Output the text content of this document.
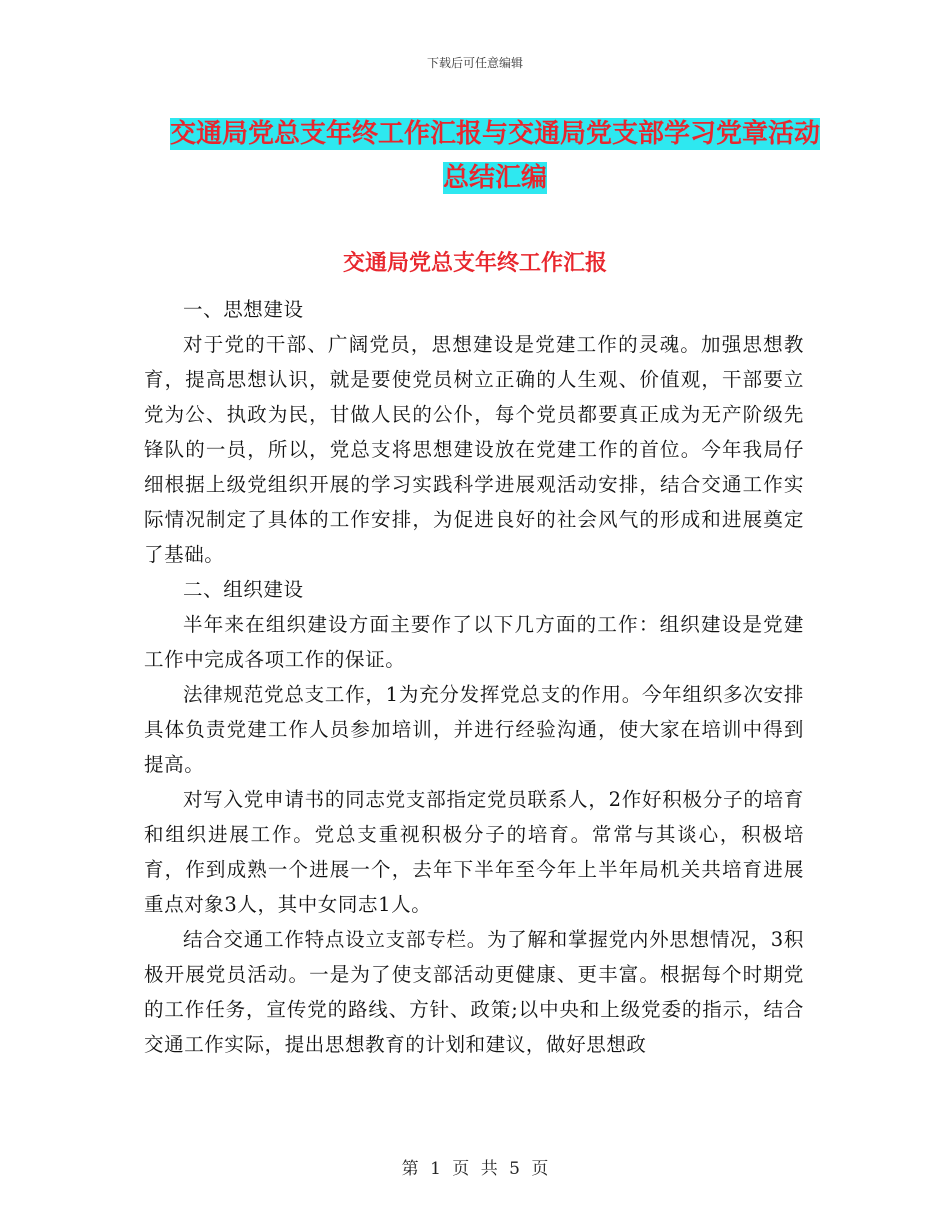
下载后可任意编辑
交通局党总支年终工作汇报与交通局党支部学习党章活动总结汇编
交通局党总支年终工作汇报

一、思想建设

对于党的干部、广阔党员，思想建设是党建工作的灵魂。加强思想教育，提高思想认识，就是要使党员树立正确的人生观、价值观，干部要立党为公、执政为民，甘做人民的公仆，每个党员都要真正成为无产阶级先锋队的一员，所以，党总支将思想建设放在党建工作的首位。今年我局仔细根据上级党组织开展的学习实践科学进展观活动安排，结合交通工作实际情况制定了具体的工作安排，为促进良好的社会风气的形成和进展奠定了基础。

二、组织建设

半年来在组织建设方面主要作了以下几方面的工作：组织建设是党建工作中完成各项工作的保证。

法律规范党总支工作，1为充分发挥党总支的作用。今年组织多次安排具体负责党建工作人员参加培训，并进行经验沟通，使大家在培训中得到提高。

对写入党申请书的同志党支部指定党员联系人，2作好积极分子的培育和组织进展工作。党总支重视积极分子的培育。常常与其谈心，积极培育，作到成熟一个进展一个，去年下半年至今年上半年局机关共培育进展重点对象3人，其中女同志1人。

结合交通工作特点设立支部专栏。为了解和掌握党内外思想情况，3积极开展党员活动。一是为了使支部活动更健康、更丰富。根据每个时期党的工作任务，宣传党的路线、方针、政策;以中央和上级党委的指示，结合交通工作实际，提出思想教育的计划和建议，做好思想政

第 1 页 共 5 页
